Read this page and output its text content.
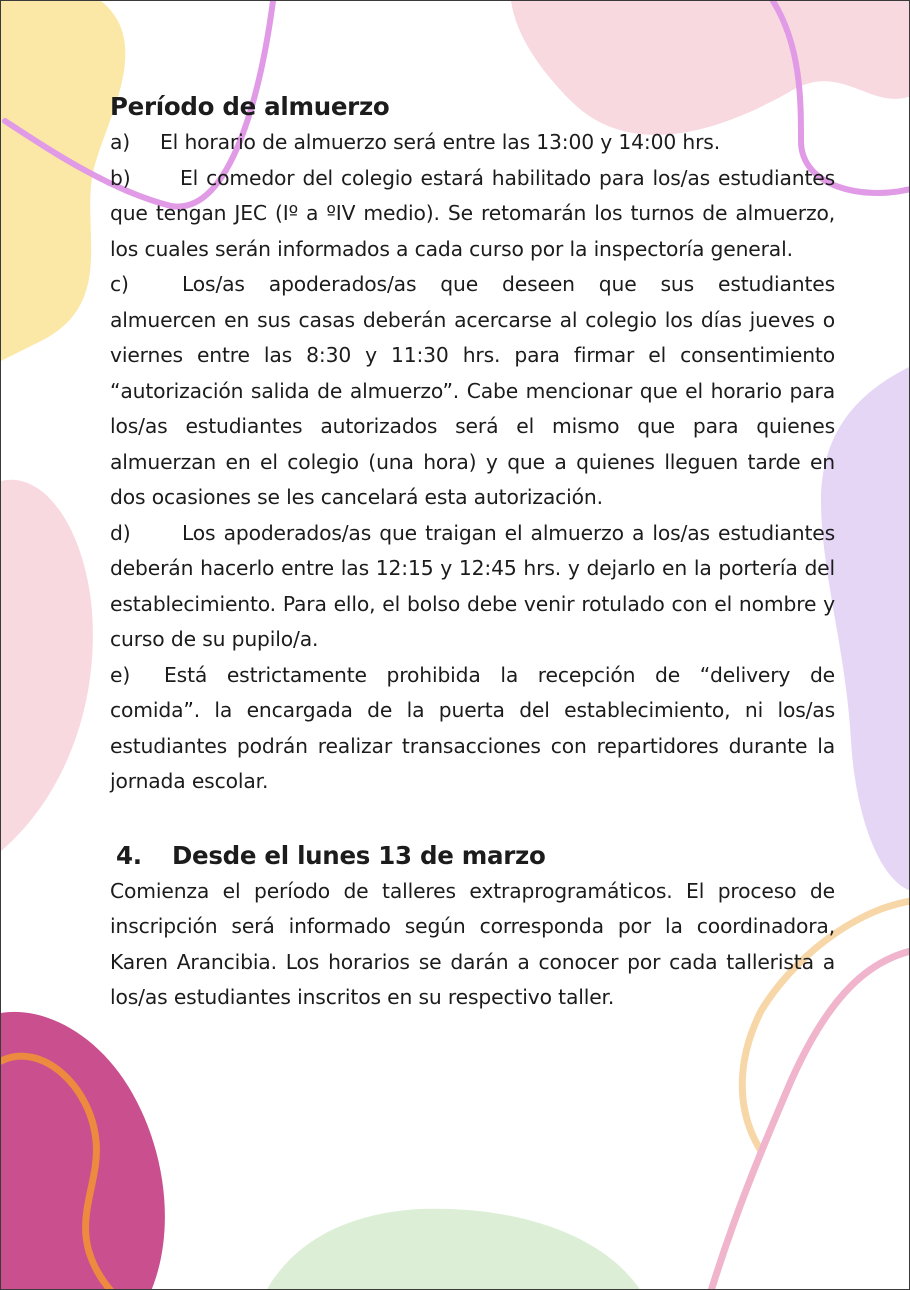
Período de almuerzo

a) El horario de almuerzo será entre las 13:00 y 14:00 hrs.

b) El comedor del colegio estará habilitado para los/as estudiantes que tengan JEC (Iº a ºIV medio). Se retomarán los turnos de almuerzo, los cuales serán informados a cada curso por la inspectoría general.

c)	Los/as apoderados/as que deseen que sus estudiantes almuercen en sus casas deberán acercarse al colegio los días jueves o viernes entre las 8:30 y 11:30 hrs. para firmar el consentimiento “autorización salida de almuerzo”. Cabe mencionar que el horario para los/as estudiantes autorizados será el mismo que para quienes almuerzan en el colegio (una hora) y que a quienes lleguen tarde en dos ocasiones se les cancelará esta autorización.

d)	Los apoderados/as que traigan el almuerzo a los/as estudiantes deberán hacerlo entre las 12:15 y 12:45 hrs. y dejarlo en la portería del establecimiento. Para ello, el bolso debe venir rotulado con el nombre y curso de su pupilo/a.

e) Está estrictamente prohibida la recepción de “delivery de comida”. la encargada de la puerta del establecimiento, ni los/as estudiantes podrán realizar transacciones con repartidores durante la jornada escolar.

4. Desde el lunes 13 de marzo

Comienza el período de talleres extraprogramáticos. El proceso de inscripción será informado según corresponda por la coordinadora, Karen Arancibia. Los horarios se darán a conocer por cada tallerista a los/as estudiantes inscritos en su respectivo taller.
